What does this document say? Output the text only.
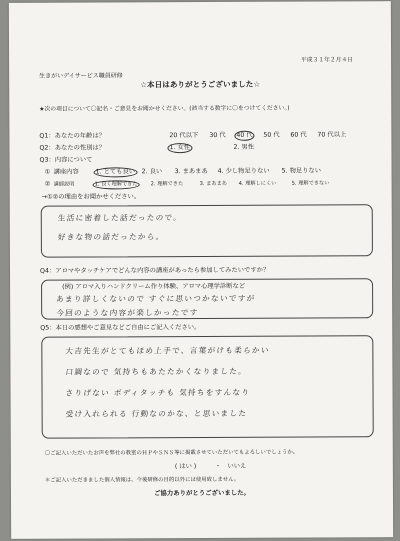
平成３１年２月４日
生きがいデイサービス職員研修
☆本日はありがとうございました☆
★次の項目について〇記名・ご意見をお聞かせください。(該当する数字に〇をつけてください。)
Q1：あなたの年齢は？	20 代以下 30 代	40 代	50 代 60 代 70 代以上
Q2：あなたの性別は？	1. 女性	2. 男性
Q3：内容について
① 講座内容	1. とても良い	2. 良い 3. まあまあ 4. 少し物足りない 5. 物足りない
② 講師説明	1. 良く理解できた	2. 理解できた	3. まあまあ 4. 理解しにくい	5. 理解できない
→①②の理由をお聞かせください。
生活に密着した話だったので。
好きな物の話だったから。
Q4：アロマやタッチケアでどんな内容の講座があったら参加してみたいですか？
(例) アロマ入りハンドクリーム作り体験、アロマ心理学診断など
あまり詳しくないので すぐに思いつかないですが
今回のような内容が楽しかったです
Q5：本日の感想やご意見などご自由にご記入ください。
大吉先生がとてもほめ上手で、言葉がけも柔らかい
口調なので 気持ちもあたたかくなりました。
さりげない ボディタッチも 気持ちをすんなり
受け入れられる 行動なのかな、と思いました
〇ご記入いただいたお声を弊社の教室のＨＰやＳＮＳ等に掲載させていただいてもよろしいでしょうか。
( はい )	・　いいえ
＊ご記入いただきました個人情報は、今後研修の目的以外には使用致しません。
ご協力ありがとうございました。
